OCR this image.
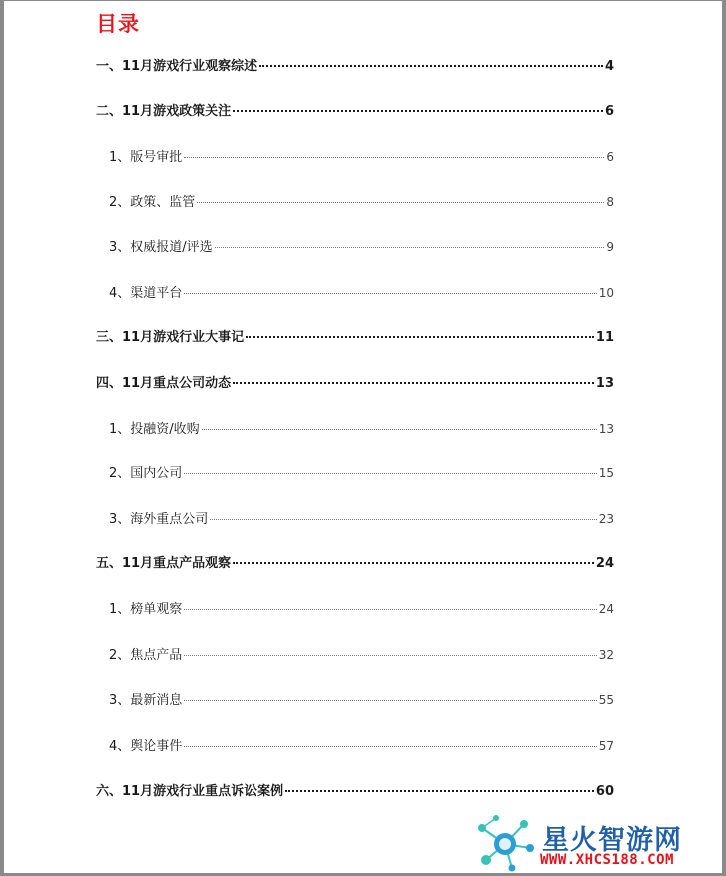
目录
一、11月游戏行业观察综述	4
二、11月游戏政策关注	6
1、版号审批	6
2、政策、监管	8
3、权威报道/评选	9
4、渠道平台	10
三、11月游戏行业大事记	11
四、11月重点公司动态	13
1、投融资/收购	13
2、国内公司	15
3、海外重点公司	23
五、11月重点产品观察	24
1、榜单观察	24
2、焦点产品	32
3、最新消息	55
4、舆论事件	57
六、11月游戏行业重点诉讼案例	60
星火智游网
WWW.XHCS188.COM
